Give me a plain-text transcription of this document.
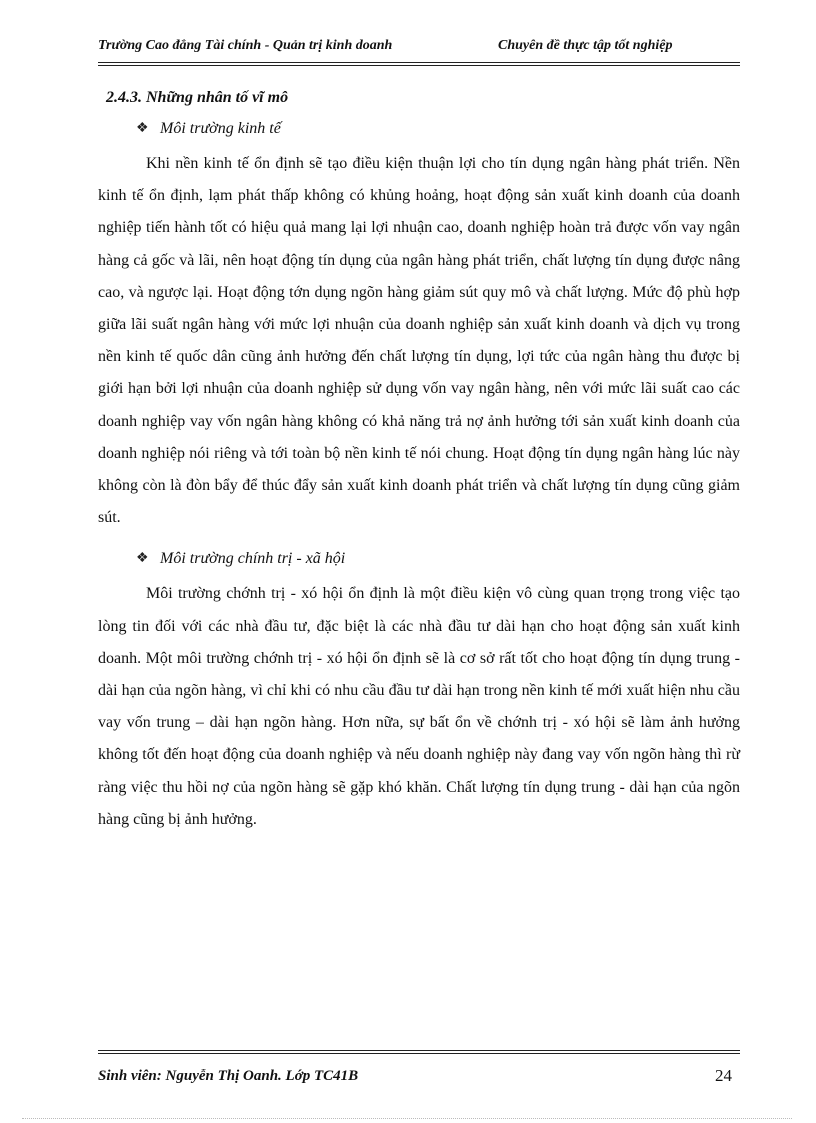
Trường Cao đẳng Tài chính - Quản trị kinh doanh	Chuyên đề thực tập tốt nghiệp
2.4.3. Những nhân tố vĩ mô
❖ Môi trường kinh tế

Khi nền kinh tế ổn định sẽ tạo điều kiện thuận lợi cho tín dụng ngân hàng phát triển. Nền kinh tế ổn định, lạm phát thấp không có khủng hoảng, hoạt động sản xuất kinh doanh của doanh nghiệp tiến hành tốt có hiệu quả mang lại lợi nhuận cao, doanh nghiệp hoàn trả được vốn vay ngân hàng cả gốc và lãi, nên hoạt động tín dụng của ngân hàng phát triển, chất lượng tín dụng được nâng cao, và ngược lại. Hoạt động tớn dụng ngõn hàng giảm sút quy mô và chất lượng. Mức độ phù hợp giữa lãi suất ngân hàng với mức lợi nhuận của doanh nghiệp sản xuất kinh doanh và dịch vụ trong nền kinh tế quốc dân cũng ảnh hưởng đến chất lượng tín dụng, lợi tức của ngân hàng thu được bị giới hạn bởi lợi nhuận của doanh nghiệp sử dụng vốn vay ngân hàng, nên với mức lãi suất cao các doanh nghiệp vay vốn ngân hàng không có khả năng trả nợ ảnh hưởng tới sản xuất kinh doanh của doanh nghiệp nói riêng và tới toàn bộ nền kinh tế nói chung. Hoạt động tín dụng ngân hàng lúc này không còn là đòn bẩy để thúc đẩy sản xuất kinh doanh phát triển và chất lượng tín dụng cũng giảm sút.

❖ Môi trường chính trị - xã hội

Môi trường chớnh trị - xó hội ổn định là một điều kiện vô cùng quan trọng trong việc tạo lòng tin đối với các nhà đầu tư, đặc biệt là các nhà đầu tư dài hạn cho hoạt động sản xuất kinh doanh. Một môi trường chớnh trị - xó hội ổn định sẽ là cơ sở rất tốt cho hoạt động tín dụng trung - dài hạn của ngõn hàng, vì chỉ khi có nhu cầu đầu tư dài hạn trong nền kinh tế mới xuất hiện nhu cầu vay vốn trung – dài hạn ngõn hàng. Hơn nữa, sự bất ổn về chớnh trị - xó hội sẽ làm ảnh hưởng không tốt đến hoạt động của doanh nghiệp và nếu doanh nghiệp này đang vay vốn ngõn hàng thì rừ ràng việc thu hồi nợ của ngõn hàng sẽ gặp khó khăn. Chất lượng tín dụng trung - dài hạn của ngõn hàng cũng bị ảnh hưởng.

Sinh viên: Nguyễn Thị Oanh. Lớp TC41B	24
